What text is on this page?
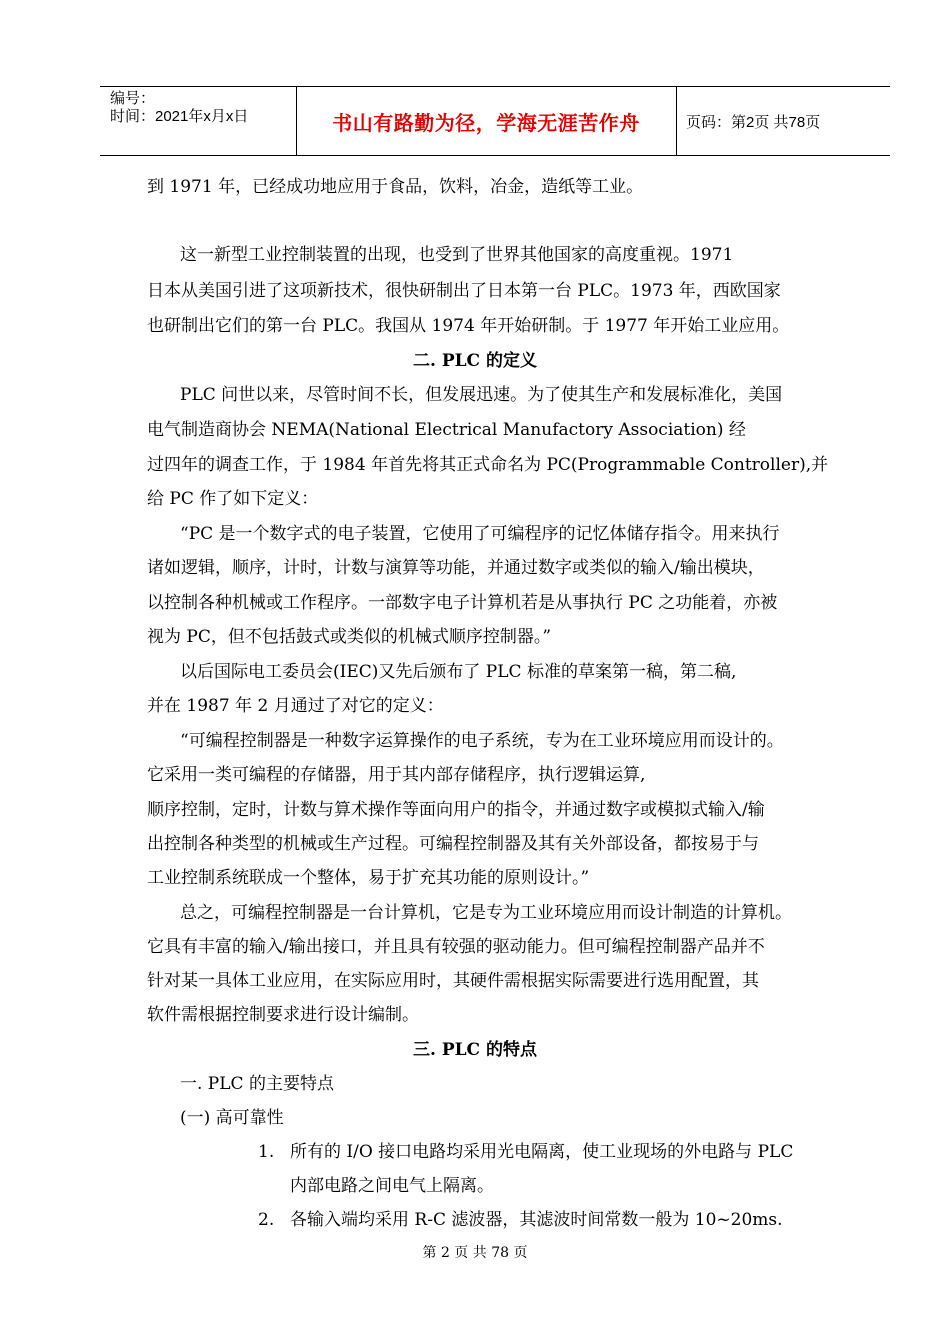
编号：
时间：2021年x月x日	书山有路勤为径，学海无涯苦作舟	页码：第2页 共78页
到 1971 年，已经成功地应用于食品，饮料，冶金，造纸等工业。
这一新型工业控制装置的出现，也受到了世界其他国家的高度重视。1971
日本从美国引进了这项新技术，很快研制出了日本第一台 PLC。1973 年，西欧国家
也研制出它们的第一台 PLC。我国从 1974 年开始研制。于 1977 年开始工业应用。
二. PLC 的定义
PLC 问世以来，尽管时间不长，但发展迅速。为了使其生产和发展标准化，美国
电气制造商协会 NEMA(National Electrical Manufactory Association) 经
过四年的调查工作，于 1984 年首先将其正式命名为 PC(Programmable Controller),并
给 PC 作了如下定义：
“PC 是一个数字式的电子装置，它使用了可编程序的记忆体储存指令。用来执行
诸如逻辑，顺序，计时，计数与演算等功能，并通过数字或类似的输入/输出模块，
以控制各种机械或工作程序。一部数字电子计算机若是从事执行 PC 之功能着，亦被
视为 PC，但不包括鼓式或类似的机械式顺序控制器。”
以后国际电工委员会(IEC)又先后颁布了 PLC 标准的草案第一稿，第二稿,
并在 1987 年 2 月通过了对它的定义：
“可编程控制器是一种数字运算操作的电子系统，专为在工业环境应用而设计的。
它采用一类可编程的存储器，用于其内部存储程序，执行逻辑运算,
顺序控制，定时，计数与算术操作等面向用户的指令，并通过数字或模拟式输入/输
出控制各种类型的机械或生产过程。可编程控制器及其有关外部设备，都按易于与
工业控制系统联成一个整体，易于扩充其功能的原则设计。”
总之，可编程控制器是一台计算机，它是专为工业环境应用而设计制造的计算机。
它具有丰富的输入/输出接口，并且具有较强的驱动能力。但可编程控制器产品并不
针对某一具体工业应用，在实际应用时，其硬件需根据实际需要进行选用配置，其
软件需根据控制要求进行设计编制。
三. PLC 的特点
一. PLC 的主要特点
(一) 高可靠性
1. 所有的 I/O 接口电路均采用光电隔离，使工业现场的外电路与 PLC
内部电路之间电气上隔离。
2. 各输入端均采用 R-C 滤波器，其滤波时间常数一般为 10~20ms.
第 2 页 共 78 页
